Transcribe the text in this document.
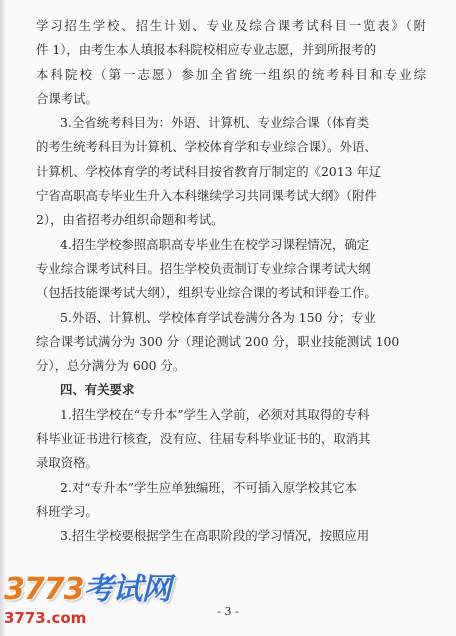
学习招生学校、招生计划、专业及综合课考试科目一览表》（附
件 1），由考生本人填报本科院校相应专业志愿，并到所报考的
本科院校（第一志愿）参加全省统一组织的统考科目和专业综
合课考试。
3.全省统考科目为：外语、计算机、专业综合课（体育类
的考生统考科目为计算机、学校体育学和专业综合课）。外语、
计算机、学校体育学的考试科目按省教育厅制定的《2013 年辽
宁省高职高专毕业生升入本科继续学习共同课考试大纲》（附件
2），由省招考办组织命题和考试。
4.招生学校参照高职高专毕业生在校学习课程情况，确定
专业综合课考试科目。招生学校负责制订专业综合课考试大纲
（包括技能课考试大纲），组织专业综合课的考试和评卷工作。
5.外语、计算机、学校体育学试卷满分各为 150 分；专业
综合课考试满分为 300 分（理论测试 200 分，职业技能测试 100
分），总分满分为 600 分。
四、有关要求
1.招生学校在“专升本”学生入学前，必须对其取得的专科
科毕业证书进行核查，没有应、往届专科毕业证书的，取消其
录取资格。
2.对“专升本”学生应单独编班，不可插入原学校其它本
科班学习。
3.招生学校要根据学生在高职阶段的学习情况，按照应用
- 3 -
3773考试网
3773.com
